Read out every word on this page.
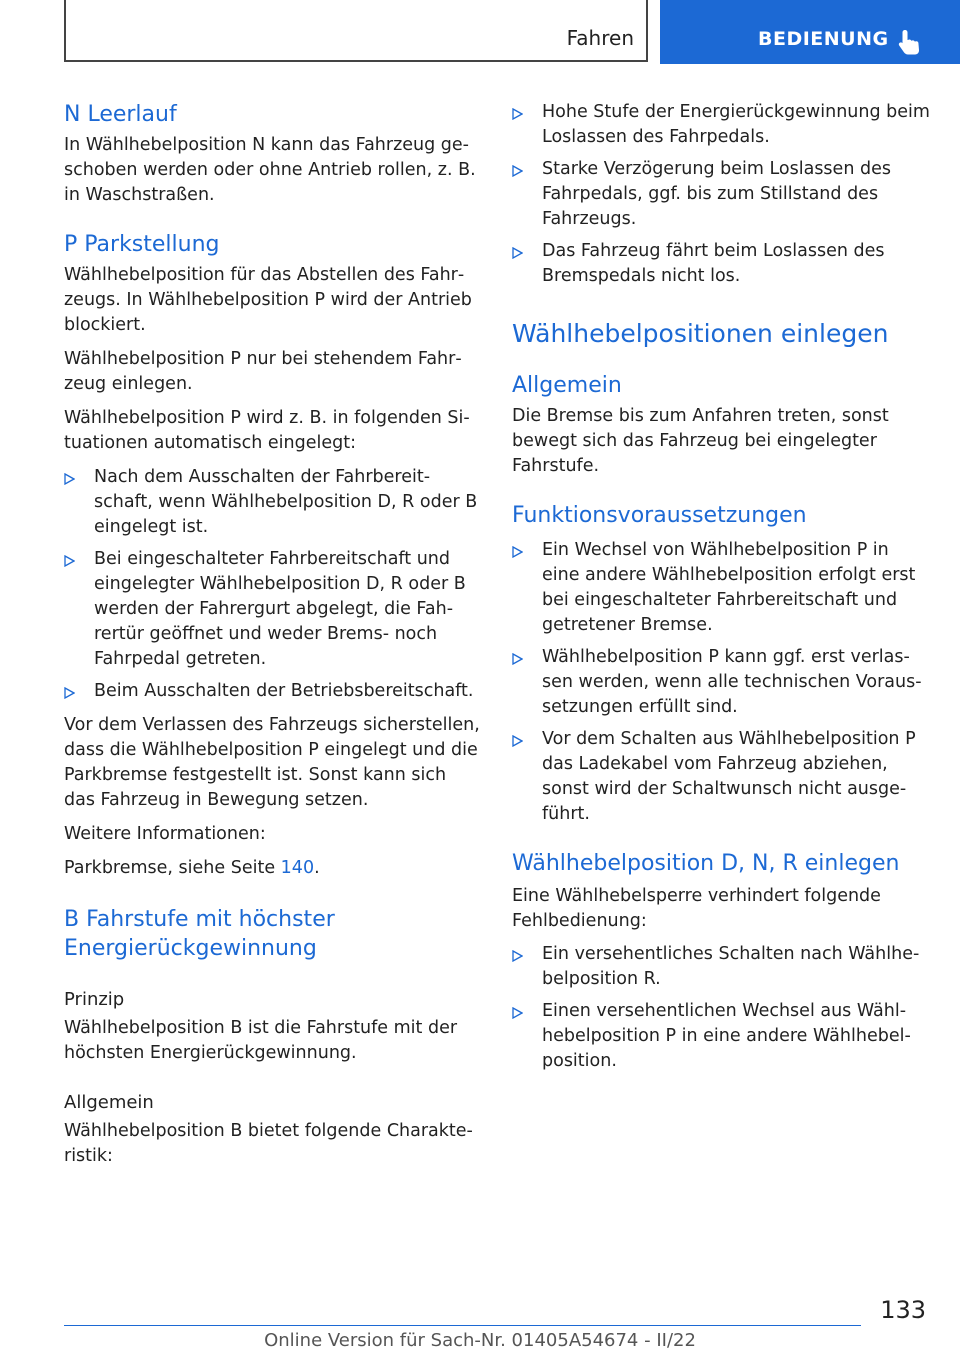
Fahren	BEDIENUNG
N Leerlauf

In Wählhebelposition N kann das Fahrzeug geschoben werden oder ohne Antrieb rollen, z. B. in Waschstraßen.

P Parkstellung

Wählhebelposition für das Abstellen des Fahrzeugs. In Wählhebelposition P wird der Antrieb blockiert.

Wählhebelposition P nur bei stehendem Fahrzeug einlegen.

Wählhebelposition P wird z. B. in folgenden Situationen automatisch eingelegt:

Nach dem Ausschalten der Fahrbereitschaft, wenn Wählhebelposition D, R oder B eingelegt ist.
Bei eingeschalteter Fahrbereitschaft und eingelegter Wählhebelposition D, R oder B werden der Fahrergurt abgelegt, die Fahrertür geöffnet und weder Brems- noch Fahrpedal getreten.
Beim Ausschalten der Betriebsbereitschaft.

Vor dem Verlassen des Fahrzeugs sicherstellen, dass die Wählhebelposition P eingelegt und die Parkbremse festgestellt ist. Sonst kann sich das Fahrzeug in Bewegung setzen.

Weitere Informationen:

Parkbremse, siehe Seite 140.

B Fahrstufe mit höchster
Energierückgewinnung
Prinzip

Wählhebelposition B ist die Fahrstufe mit der höchsten Energierückgewinnung.

Allgemein

Wählhebelposition B bietet folgende Charakteristik:

Hohe Stufe der Energierückgewinnung beim Loslassen des Fahrpedals.
Starke Verzögerung beim Loslassen des Fahrpedals, ggf. bis zum Stillstand des Fahrzeugs.
Das Fahrzeug fährt beim Loslassen des Bremspedals nicht los.
Wählhebelpositionen einlegen
Allgemein

Die Bremse bis zum Anfahren treten, sonst bewegt sich das Fahrzeug bei eingelegter Fahrstufe.

Funktionsvoraussetzungen
Ein Wechsel von Wählhebelposition P in eine andere Wählhebelposition erfolgt erst bei eingeschalteter Fahrbereitschaft und getretener Bremse.
Wählhebelposition P kann ggf. erst verlassen werden, wenn alle technischen Voraussetzungen erfüllt sind.
Vor dem Schalten aus Wählhebelposition P das Ladekabel vom Fahrzeug abziehen, sonst wird der Schaltwunsch nicht ausgeführt.
Wählhebelposition D, N, R einlegen

Eine Wählhebelsperre verhindert folgende Fehlbedienung:

Ein versehentliches Schalten nach Wählhebelposition R.
Einen versehentlichen Wechsel aus Wählhebelposition P in eine andere Wählhebelposition.
133
Online Version für Sach-Nr. 01405A54674 - II/22
